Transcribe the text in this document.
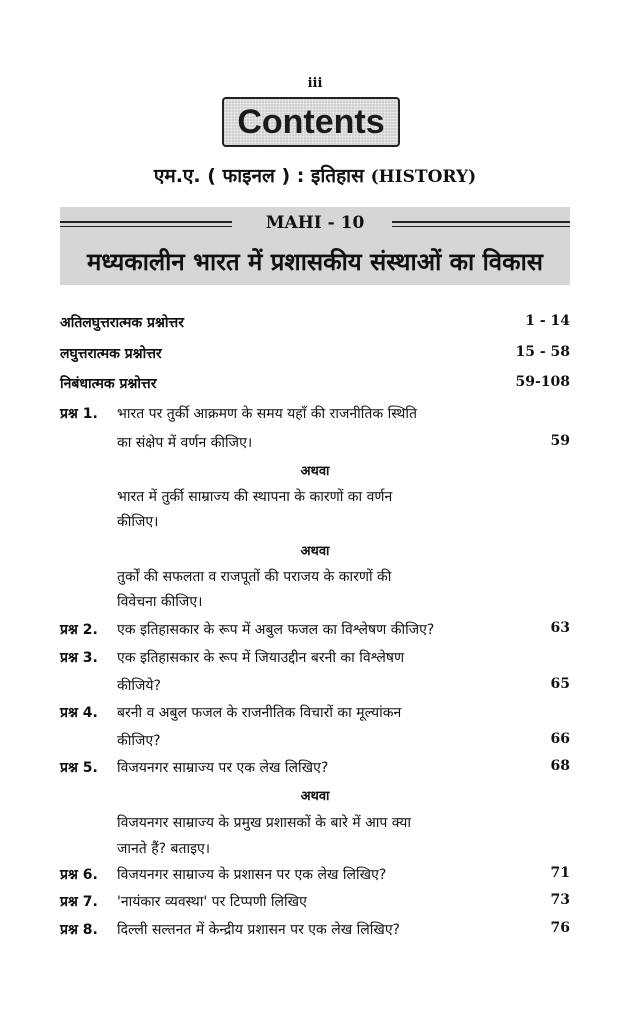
iii
Contents
एम.ए. ( फाइनल ) : इतिहास (HISTORY)
MAHI - 10
मध्यकालीन भारत में प्रशासकीय संस्थाओं का विकास
अतिलघुत्तरात्मक प्रश्नोत्तर	1 - 14
लघुत्तरात्मक प्रश्नोत्तर	15 - 58
निबंधात्मक प्रश्नोत्तर	59-108
प्रश्न 1. भारत पर तुर्की आक्रमण के समय यहाँ की राजनीतिक स्थिति
का संक्षेप में वर्णन कीजिए।	59
अथवा
भारत में तुर्की साम्राज्य की स्थापना के कारणों का वर्णन
कीजिए।
अथवा
तुर्कों की सफलता व राजपूतों की पराजय के कारणों की
विवेचना कीजिए।
प्रश्न 2. एक इतिहासकार के रूप में अबुल फजल का विश्लेषण कीजिए?	63
प्रश्न 3. एक इतिहासकार के रूप में जियाउद्दीन बरनी का विश्लेषण
कीजिये?	65
प्रश्न 4. बरनी व अबुल फजल के राजनीतिक विचारों का मूल्यांकन
कीजिए?	66
प्रश्न 5. विजयनगर साम्राज्य पर एक लेख लिखिए?	68
अथवा
विजयनगर साम्राज्य के प्रमुख प्रशासकों के बारे में आप क्या
जानते हैं? बताइए।
प्रश्न 6. विजयनगर साम्राज्य के प्रशासन पर एक लेख लिखिए?	71
प्रश्न 7. 'नायंकार व्यवस्था' पर टिप्पणी लिखिए	73
प्रश्न 8. दिल्ली सल्तनत में केन्द्रीय प्रशासन पर एक लेख लिखिए?	76
